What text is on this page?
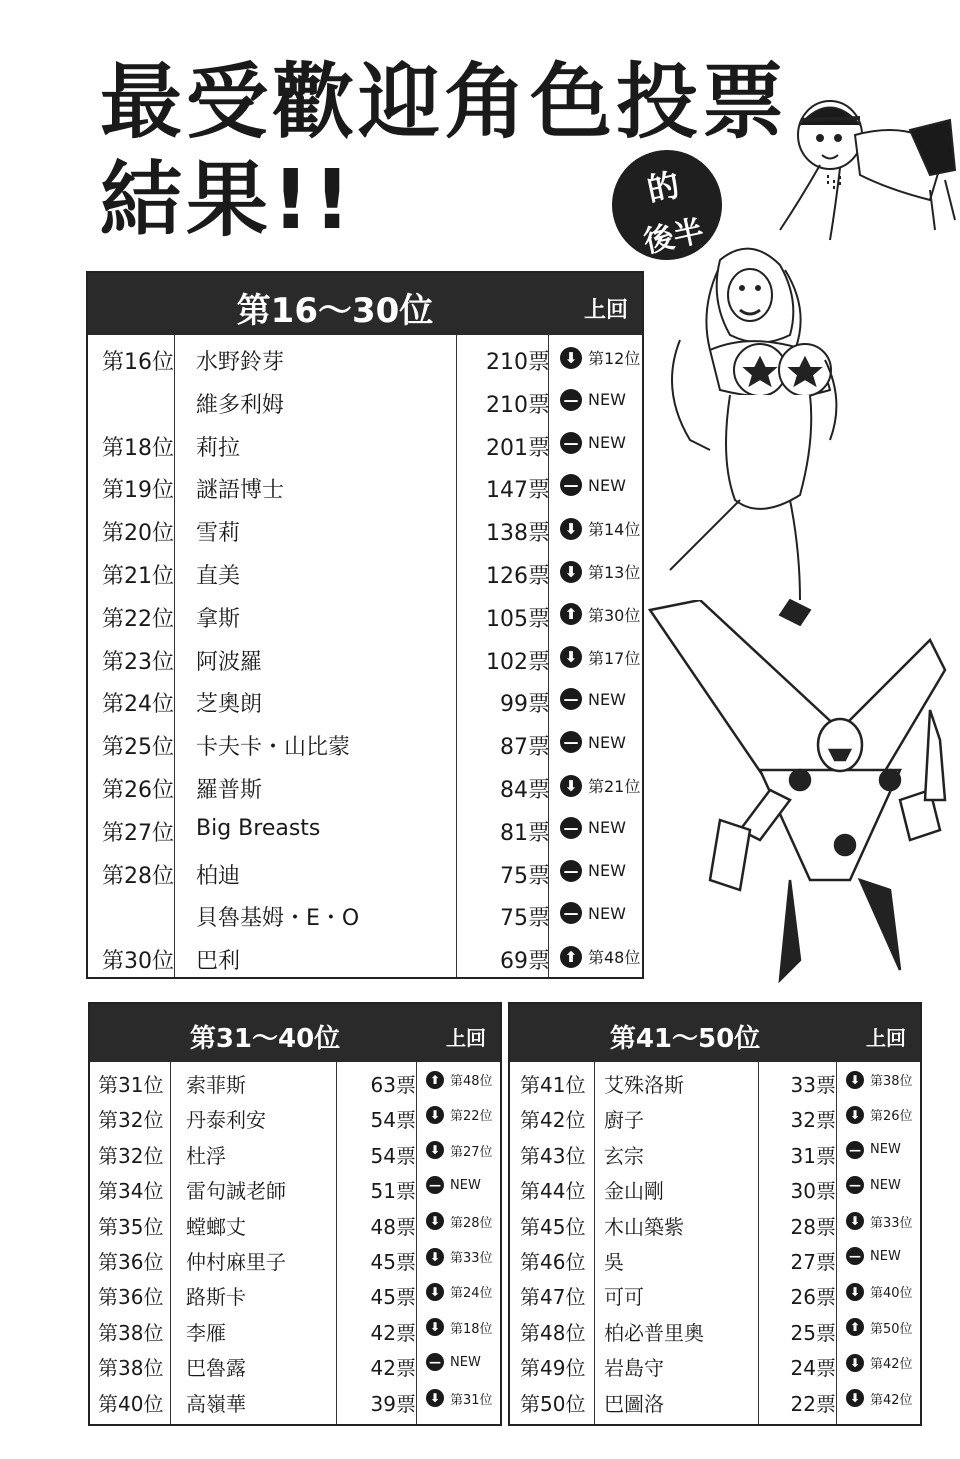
最受歡迎角色投票
結果!!	的
後半
第16〜30位	上回
第16位 水野鈴芽	210票 ⬇ 第12位
維多利姆	210票 — NEW
第18位 莉拉	201票 — NEW
第19位 謎語博士	147票 — NEW
第20位 雪莉	138票 ⬇ 第14位
第21位 直美	126票 ⬇ 第13位
第22位 拿斯	105票 ⬆ 第30位
第23位 阿波羅	102票 ⬇ 第17位
第24位 芝奧朗	99票 — NEW
第25位 卡夫卡・山比蒙	87票 — NEW
第26位 羅普斯	84票 ⬇ 第21位
第27位 Big Breasts	81票 — NEW
第28位 柏迪	75票 — NEW
貝魯基姆・E・O	75票 — NEW
第30位 巴利	69票 ⬆ 第48位
第31〜40位	上回
第31位 索菲斯	63票	⬆ 第48位
第32位 丹泰利安	54票	⬇ 第22位
第32位 杜浮	54票	⬇ 第27位
第34位 雷句誠老師	51票 — NEW
第35位 螳螂丈	48票	⬇ 第28位
第36位 仲村麻里子	45票	⬇ 第33位
第36位 路斯卡	45票	⬇ 第24位
第38位 李雁	42票	⬇ 第18位
第38位 巴魯露	42票 — NEW
第40位 高嶺華	39票	⬇ 第31位
第41〜50位	上回
第41位 艾殊洛斯	33票	⬇ 第38位
第42位 廚子	32票	⬇ 第26位
第43位 玄宗	31票 — NEW
第44位 金山剛	30票 — NEW
第45位 木山築紫	28票	⬇ 第33位
第46位 吳	27票 — NEW
第47位 可可	26票	⬇ 第40位
第48位 柏必普里奧	25票	⬆ 第50位
第49位 岩島守	24票	⬇ 第42位
第50位 巴圖洛	22票	⬇ 第42位
